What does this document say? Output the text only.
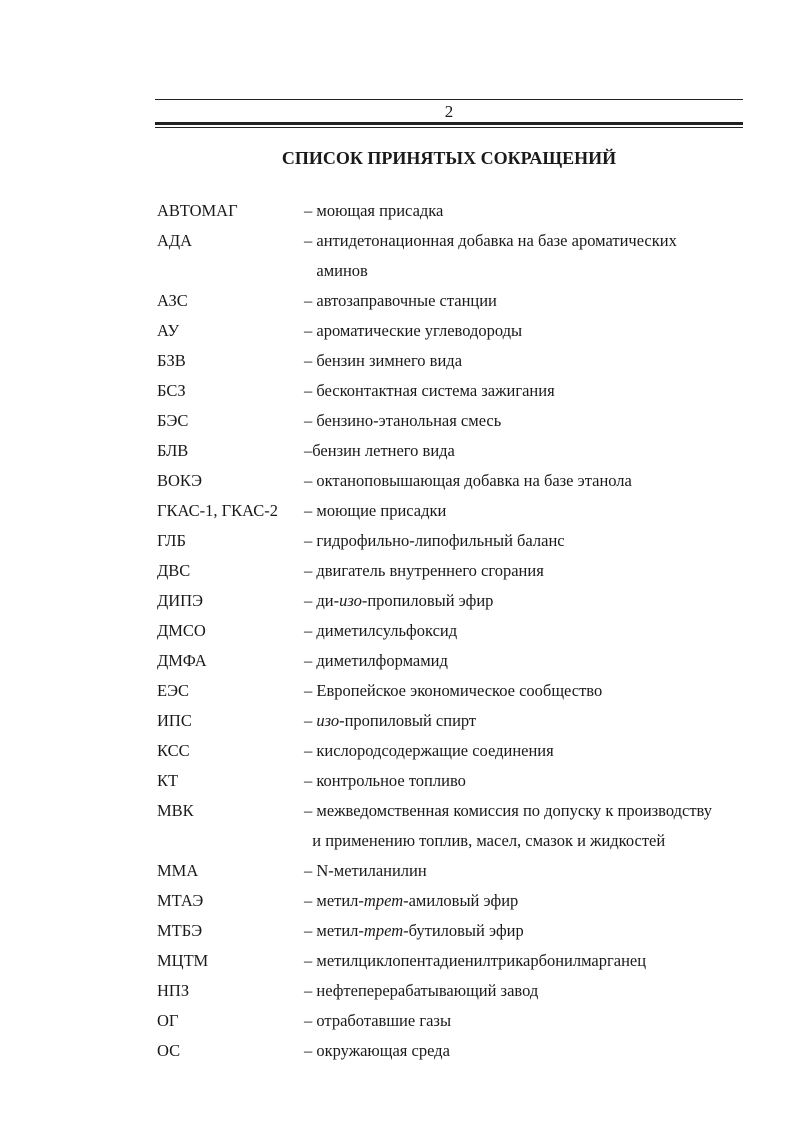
2
СПИСОК ПРИНЯТЫХ СОКРАЩЕНИЙ
АВТОМАГ	– моющая присадка
АДА	– антидетонационная добавка на базе ароматических
аминов
АЗС	– автозаправочные станции
АУ	– ароматические углеводороды
БЗВ	– бензин зимнего вида
БСЗ	– бесконтактная система зажигания
БЭС	– бензино-этанольная смесь
БЛВ	–бензин летнего вида
ВОКЭ	– октаноповышающая добавка на базе этанола
ГКАС-1, ГКАС-2 – моющие присадки
ГЛБ	– гидрофильно-липофильный баланс
ДВС	– двигатель внутреннего сгорания
ДИПЭ	– ди-изо-пропиловый эфир
ДМСО	– диметилсульфоксид
ДМФА	– диметилформамид
ЕЭС	– Европейское экономическое сообщество
ИПС	– изо-пропиловый спирт
КСС	– кислородсодержащие соединения
КТ	– контрольное топливо
МВК	– межведомственная комиссия по допуску к производству
и применению топлив, масел, смазок и жидкостей
ММА	– N-метиланилин
МТАЭ	– метил-трет-амиловый эфир
МТБЭ	– метил-трет-бутиловый эфир
МЦТМ	– метилциклопентадиенилтрикарбонилмарганец
НПЗ	– нефтеперерабатывающий завод
ОГ	– отработавшие газы
ОС	– окружающая среда
